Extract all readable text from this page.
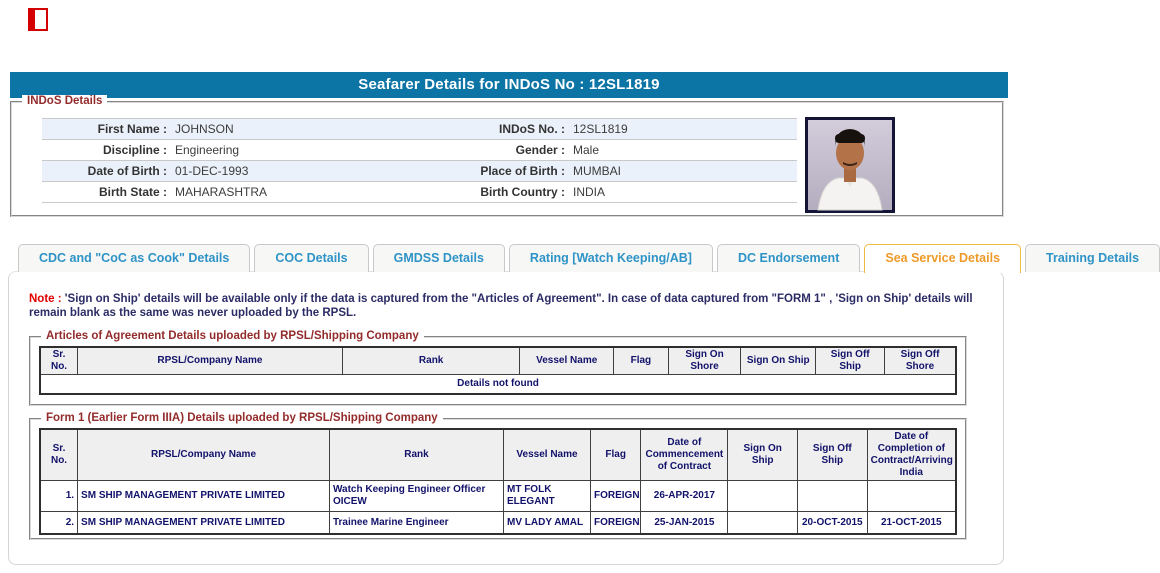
Seafarer Details for INDoS No : 12SL1819
INDoS Details
First Name : JOHNSON	INDoS No. : 12SL1819
Discipline : Engineering	Gender : Male
Date of Birth : 01-DEC-1993	Place of Birth : MUMBAI
Birth State : MAHARASHTRA	Birth Country : INDIA
CDC and "CoC as Cook" Details	COC Details	GMDSS Details	Rating [Watch Keeping/AB]	DC Endorsement	Sea Service Details	Training Details
Note : 'Sign on Ship' details will be available only if the data is captured from the "Articles of Agreement". In case of data captured from "FORM 1" , 'Sign on Ship' details will remain blank as the same was never uploaded by the RPSL.
Articles of Agreement Details uploaded by RPSL/Shipping Company
Sr. No.	RPSL/Company Name	Rank	Vessel Name	Flag	Sign On Shore	Sign On Ship	Sign Off Ship	Sign Off Shore
Details not found
Form 1 (Earlier Form IIIA) Details uploaded by RPSL/Shipping Company
Sr. No.	RPSL/Company Name	Rank	Vessel Name	Flag	Date of Commencement of Contract	Sign On Ship	Sign Off Ship	Date of Completion of Contract/Arriving India
1.	SM SHIP MANAGEMENT PRIVATE LIMITED	Watch Keeping Engineer Officer OICEW	MT FOLK ELEGANT	FOREIGN	26-APR-2017			
2.	SM SHIP MANAGEMENT PRIVATE LIMITED	Trainee Marine Engineer	MV LADY AMAL	FOREIGN	25-JAN-2015		20-OCT-2015	21-OCT-2015
